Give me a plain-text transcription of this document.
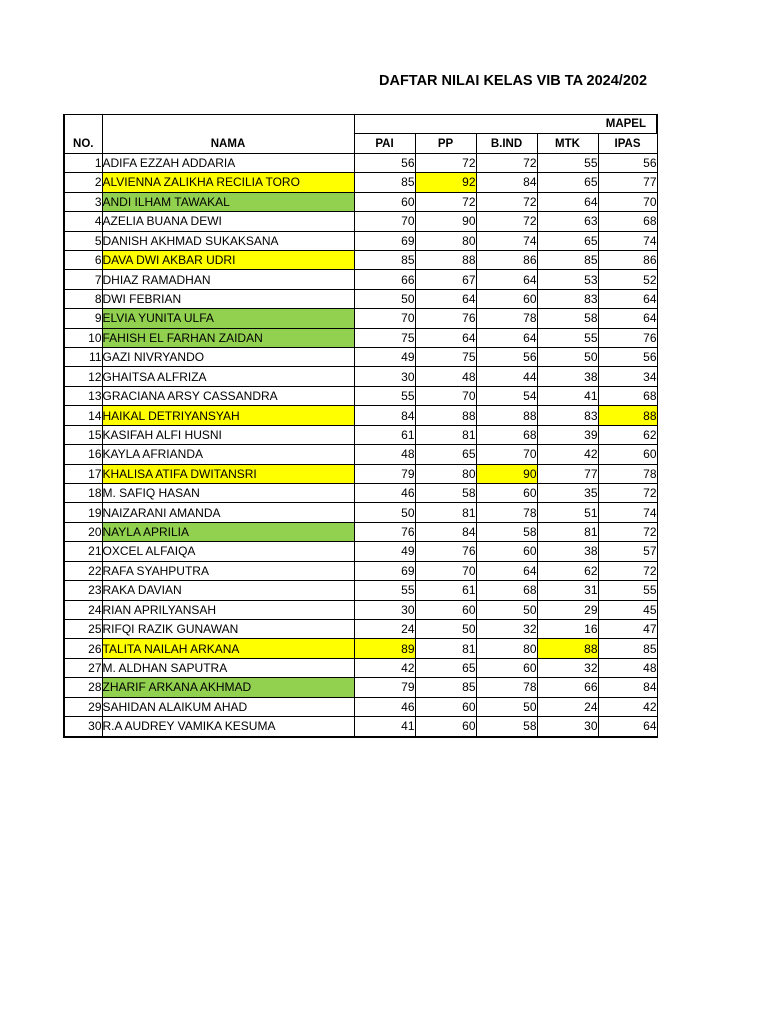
DAFTAR NILAI KELAS VIB TA 2024/202
NO.	NAMA	MAPEL				
		PAI	PP	B.IND	MTK	IPAS
1	ADIFA EZZAH ADDARIA	56	72	72	55	56
2	ALVIENNA ZALIKHA RECILIA TORO	85	92	84	65	77
3	ANDI ILHAM TAWAKAL	60	72	72	64	70
4	AZELIA BUANA DEWI	70	90	72	63	68
5	DANISH AKHMAD SUKAKSANA	69	80	74	65	74
6	DAVA DWI AKBAR UDRI	85	88	86	85	86
7	DHIAZ RAMADHAN	66	67	64	53	52
8	DWI FEBRIAN	50	64	60	83	64
9	ELVIA YUNITA ULFA	70	76	78	58	64
10	FAHISH EL FARHAN ZAIDAN	75	64	64	55	76
11	GAZI NIVRYANDO	49	75	56	50	56
12	GHAITSA ALFRIZA	30	48	44	38	34
13	GRACIANA ARSY CASSANDRA	55	70	54	41	68
14	HAIKAL DETRIYANSYAH	84	88	88	83	88
15	KASIFAH ALFI HUSNI	61	81	68	39	62
16	KAYLA AFRIANDA	48	65	70	42	60
17	KHALISA ATIFA DWITANSRI	79	80	90	77	78
18	M. SAFIQ HASAN	46	58	60	35	72
19	NAIZARANI AMANDA	50	81	78	51	74
20	NAYLA APRILIA	76	84	58	81	72
21	OXCEL ALFAIQA	49	76	60	38	57
22	RAFA SYAHPUTRA	69	70	64	62	72
23	RAKA DAVIAN	55	61	68	31	55
24	RIAN APRILYANSAH	30	60	50	29	45
25	RIFQI RAZIK GUNAWAN	24	50	32	16	47
26	TALITA NAILAH ARKANA	89	81	80	88	85
27	M. ALDHAN SAPUTRA	42	65	60	32	48
28	ZHARIF ARKANA AKHMAD	79	85	78	66	84
29	SAHIDAN ALAIKUM AHAD	46	60	50	24	42
30	R.A AUDREY VAMIKA KESUMA	41	60	58	30	64
